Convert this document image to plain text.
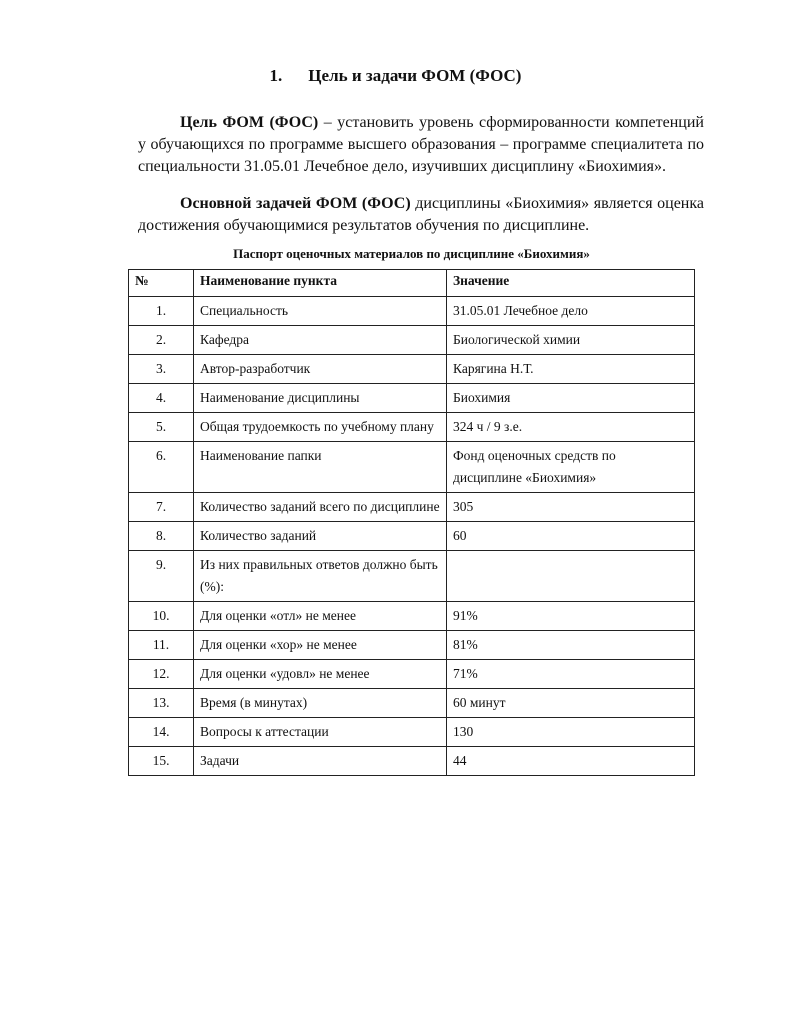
1. Цель и задачи ФОМ (ФОС)
Цель ФОМ (ФОС) – установить уровень сформированности компетенций у обучающихся по программе высшего образования – программе специалитета по специальности 31.05.01 Лечебное дело, изучивших дисциплину «Биохимия».
Основной задачей ФОМ (ФОС) дисциплины «Биохимия» является оценка достижения обучающимися результатов обучения по дисциплине.
Паспорт оценочных материалов по дисциплине «Биохимия»
№	Наименование пункта	Значение
1.	Специальность	31.05.01 Лечебное дело
2.	Кафедра	Биологической химии
3.	Автор-разработчик	Карягина Н.Т.
4.	Наименование дисциплины	Биохимия
5.	Общая трудоемкость по учебному плану	324 ч / 9 з.е.
6.	Наименование папки	Фонд оценочных средств по дисциплине «Биохимия»
7.	Количество заданий всего по дисциплине	305
8.	Количество заданий	60
9.	Из них правильных ответов должно быть (%):	
10.	Для оценки «отл» не менее	91%
11.	Для оценки «хор» не менее	81%
12.	Для оценки «удовл» не менее	71%
13.	Время (в минутах)	60 минут
14.	Вопросы к аттестации	130
15.	Задачи	44
